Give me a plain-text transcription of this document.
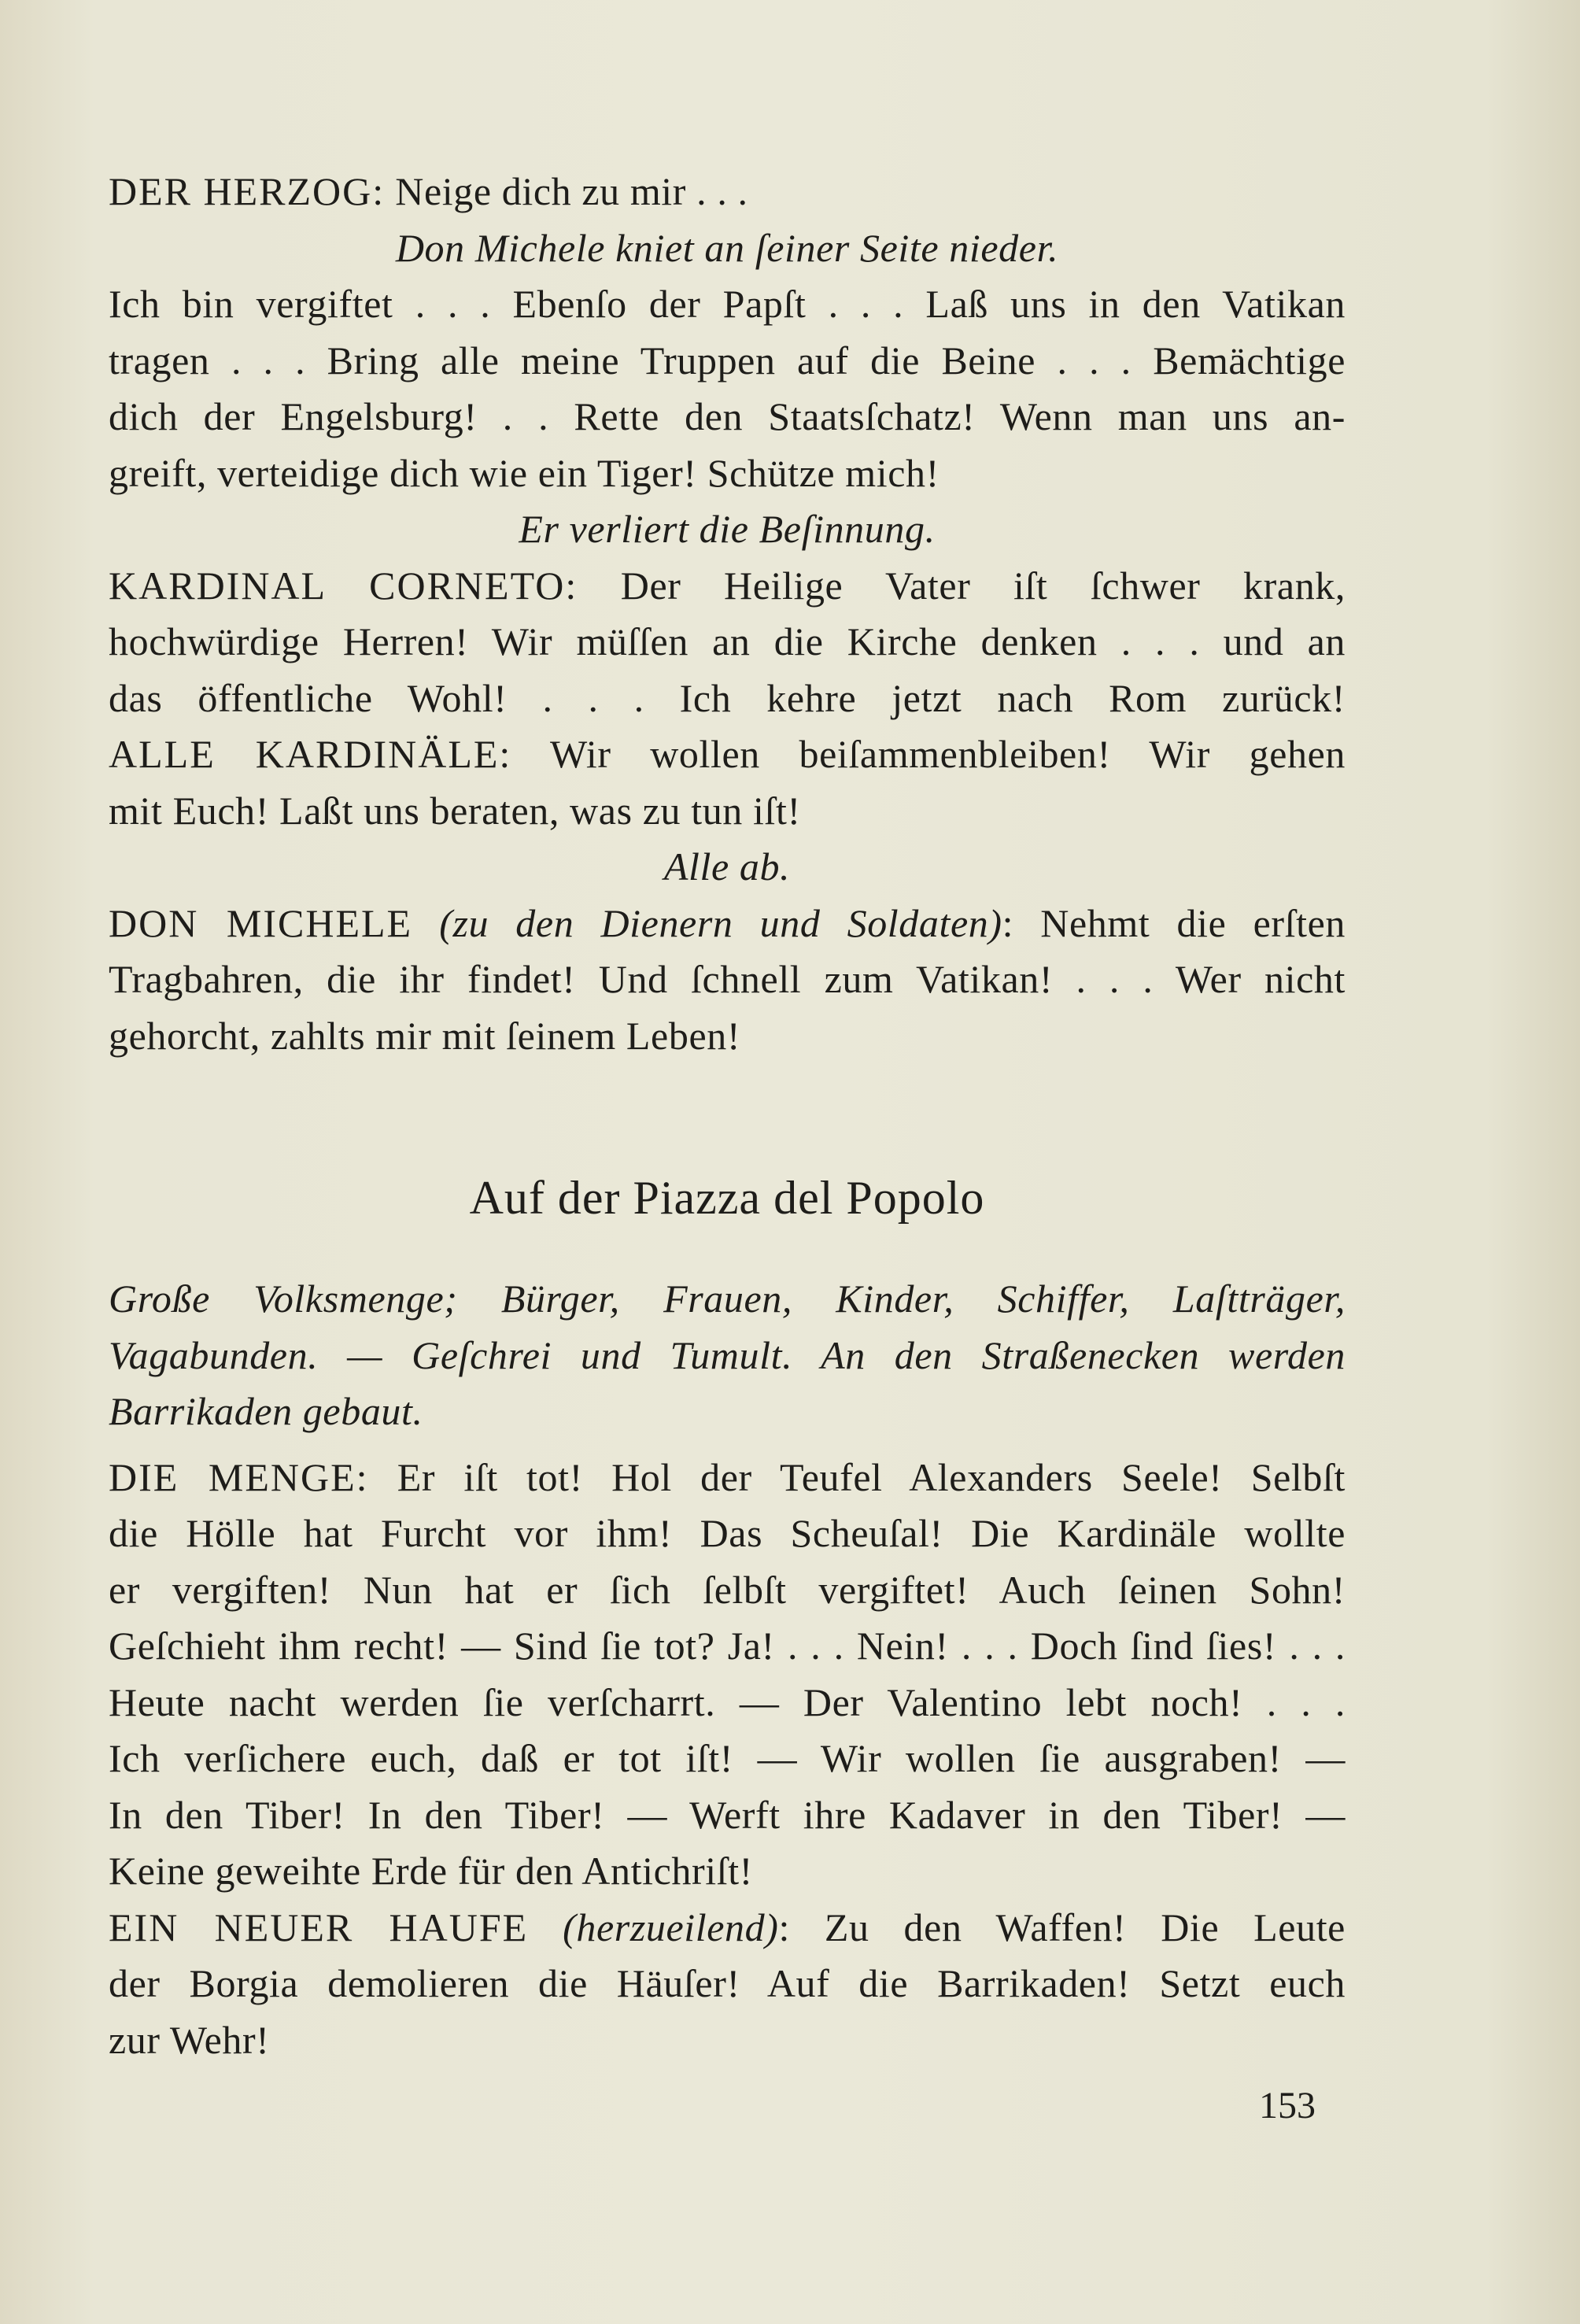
DER HERZOG: Neige dich zu mir . . .
Don Michele kniet an ſeiner Seite nieder.
Ich bin vergiftet . . . Ebenſo der Papſt . . . Laß uns in den Vatikan
tragen . . . Bring alle meine Truppen auf die Beine . . . Bemächtige
dich der Engelsburg! . . Rette den Staatsſchatz! Wenn man uns an-
greift, verteidige dich wie ein Tiger! Schütze mich!
Er verliert die Beſinnung.
KARDINAL CORNETO: Der Heilige Vater iſt ſchwer krank,
hochwürdige Herren! Wir müſſen an die Kirche denken . . . und an
das öffentliche Wohl! . . . Ich kehre jetzt nach Rom zurück!
ALLE KARDINÄLE: Wir wollen beiſammenbleiben! Wir gehen
mit Euch! Laßt uns beraten, was zu tun iſt!
Alle ab.
DON MICHELE (zu den Dienern und Soldaten): Nehmt die erſten
Tragbahren, die ihr findet! Und ſchnell zum Vatikan! . . . Wer nicht
gehorcht, zahlts mir mit ſeinem Leben!
Auf der Piazza del Popolo
Große Volksmenge; Bürger, Frauen, Kinder, Schiffer, Laſtträger,
Vagabunden. — Geſchrei und Tumult. An den Straßenecken werden
Barrikaden gebaut.
DIE MENGE: Er iſt tot! Hol der Teufel Alexanders Seele! Selbſt
die Hölle hat Furcht vor ihm! Das Scheuſal! Die Kardinäle wollte
er vergiften! Nun hat er ſich ſelbſt vergiftet! Auch ſeinen Sohn!
Geſchieht ihm recht! — Sind ſie tot? Ja! . . . Nein! . . . Doch ſind ſies! . . .
Heute nacht werden ſie verſcharrt. — Der Valentino lebt noch! . . .
Ich verſichere euch, daß er tot iſt! — Wir wollen ſie ausgraben! —
In den Tiber! In den Tiber! — Werft ihre Kadaver in den Tiber! —
Keine geweihte Erde für den Antichriſt!
EIN NEUER HAUFE (herzueilend): Zu den Waffen! Die Leute
der Borgia demolieren die Häuſer! Auf die Barrikaden! Setzt euch
zur Wehr!
153
